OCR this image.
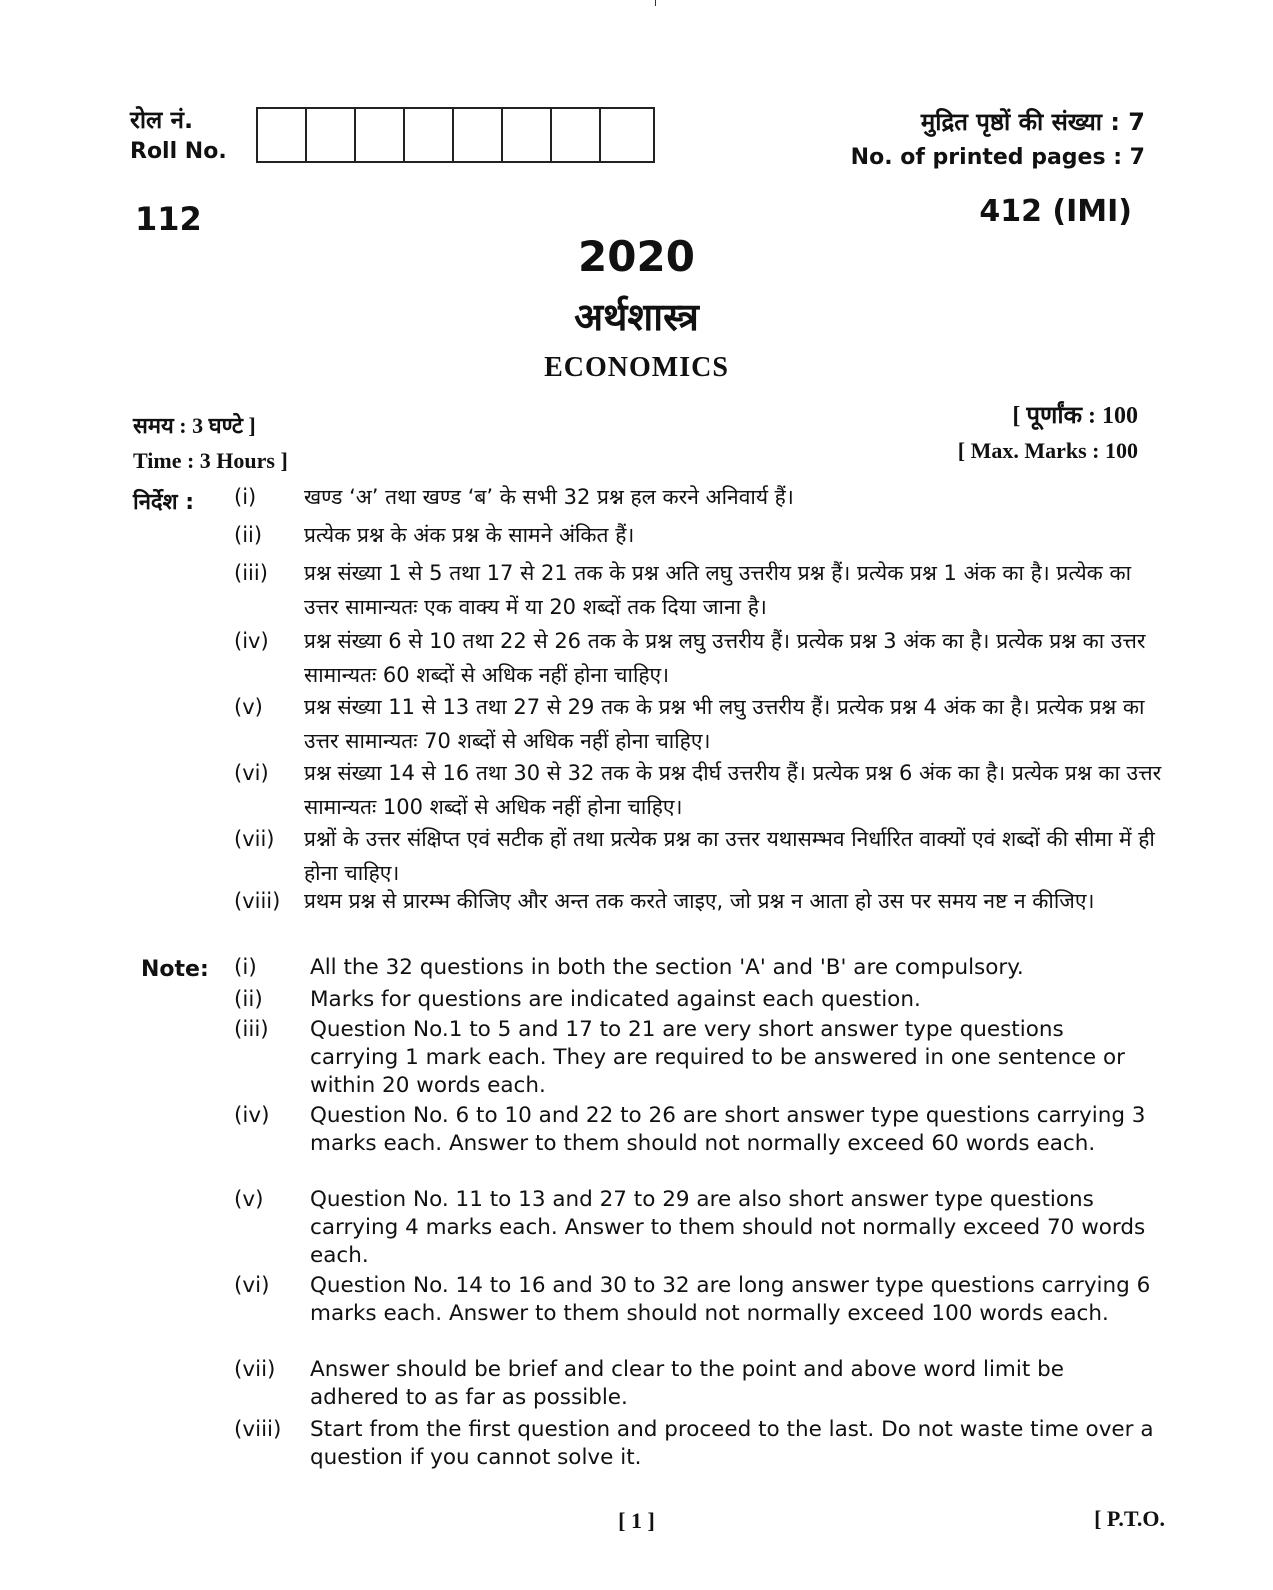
रोल नं.
Roll No.
मुद्रित पृष्ठों की संख्या : 7
No. of printed pages : 7
112	412 (IMI)
2020
अर्थशास्त्र
ECONOMICS
समय : 3 घण्टे ]
Time : 3 Hours ]
[ पूर्णांक : 100
[ Max. Marks : 100
निर्देश : (i) खण्ड ‘अ’ तथा खण्ड ‘ब’ के सभी 32 प्रश्न हल करने अनिवार्य हैं।
(ii) प्रत्येक प्रश्न के अंक प्रश्न के सामने अंकित हैं।
(iii) प्रश्न संख्या 1 से 5 तथा 17 से 21 तक के प्रश्न अति लघु उत्तरीय प्रश्न हैं। प्रत्येक प्रश्न 1 अंक का है। प्रत्येक का उत्तर सामान्यतः एक वाक्य में या 20 शब्दों तक दिया जाना है।
(iv) प्रश्न संख्या 6 से 10 तथा 22 से 26 तक के प्रश्न लघु उत्तरीय हैं। प्रत्येक प्रश्न 3 अंक का है। प्रत्येक प्रश्न का उत्तर सामान्यतः 60 शब्दों से अधिक नहीं होना चाहिए।
(v) प्रश्न संख्या 11 से 13 तथा 27 से 29 तक के प्रश्न भी लघु उत्तरीय हैं। प्रत्येक प्रश्न 4 अंक का है। प्रत्येक प्रश्न का उत्तर सामान्यतः 70 शब्दों से अधिक नहीं होना चाहिए।
(vi) प्रश्न संख्या 14 से 16 तथा 30 से 32 तक के प्रश्न दीर्घ उत्तरीय हैं। प्रत्येक प्रश्न 6 अंक का है। प्रत्येक प्रश्न का उत्तर सामान्यतः 100 शब्दों से अधिक नहीं होना चाहिए।
(vii) प्रश्नों के उत्तर संक्षिप्त एवं सटीक हों तथा प्रत्येक प्रश्न का उत्तर यथासम्भव निर्धारित वाक्यों एवं शब्दों की सीमा में ही होना चाहिए।
(viii) प्रथम प्रश्न से प्रारम्भ कीजिए और अन्त तक करते जाइए, जो प्रश्न न आता हो उस पर समय नष्ट न कीजिए।
Note: (i) All the 32 questions in both the section 'A' and 'B' are compulsory.
(ii) Marks for questions are indicated against each question.
(iii) Question No.1 to 5 and 17 to 21 are very short answer type questions carrying 1 mark each. They are required to be answered in one sentence or within 20 words each.
(iv) Question No. 6 to 10 and 22 to 26 are short answer type questions carrying 3 marks each. Answer to them should not normally exceed 60 words each.
(v) Question No. 11 to 13 and 27 to 29 are also short answer type questions carrying 4 marks each. Answer to them should not normally exceed 70 words each.
(vi) Question No. 14 to 16 and 30 to 32 are long answer type questions carrying 6 marks each. Answer to them should not normally exceed 100 words each.
(vii) Answer should be brief and clear to the point and above word limit be adhered to as far as possible.
(viii) Start from the first question and proceed to the last. Do not waste time over a question if you cannot solve it.
[ 1 ]	[ P.T.O.
